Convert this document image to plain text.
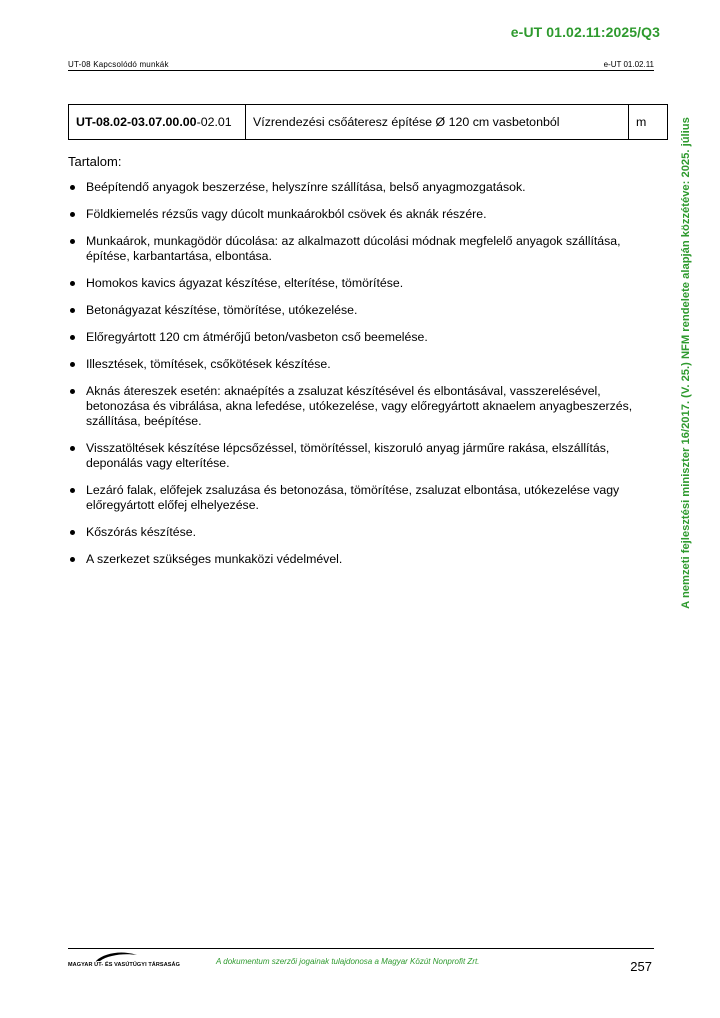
e-UT 01.02.11:2025/Q3
UT-08 Kapcsolódó munkák	e-UT 01.02.11
UT-08.02-03.07.00.00-02.01	Vízrendezési csőáteresz építése Ø 120 cm vasbetonból	m
Tartalom:
Beépítendő anyagok beszerzése, helyszínre szállítása, belső anyagmozgatások.
Földkiemelés rézsűs vagy dúcolt munkaárokból csövek és aknák részére.
Munkaárok, munkagödör dúcolása: az alkalmazott dúcolási módnak megfelelő anyagok szállítása, építése, karbantartása, elbontása.
Homokos kavics ágyazat készítése, elterítése, tömörítése.
Betonágyazat készítése, tömörítése, utókezelése.
Előregyártott 120 cm átmérőjű beton/vasbeton cső beemelése.
Illesztések, tömítések, csőkötések készítése.
Aknás átereszek esetén: aknaépítés a zsaluzat készítésével és elbontásával, vasszerelésével, betonozása és vibrálása, akna lefedése, utókezelése, vagy előregyártott aknaelem anyagbeszerzés, szállítása, beépítése.
Visszatöltések készítése lépcsőzéssel, tömörítéssel, kiszoruló anyag járműre rakása, elszállítás, deponálás vagy elterítése.
Lezáró falak, előfejek zsaluzása és betonozása, tömörítése, zsaluzat elbontása, utókezelése vagy előregyártott előfej elhelyezése.
Kőszórás készítése.
A szerkezet szükséges munkaközi védelmével.	A nemzeti fejlesztési miniszter 16/2017. (V. 25.) NFM rendelete alapján közzétéve: 2025. július
MAGYAR ÚT- ÉS VASÚTÜGYI TÁRSASÁG	A dokumentum szerzői jogainak tulajdonosa a Magyar Közút Nonprofit Zrt.	257
